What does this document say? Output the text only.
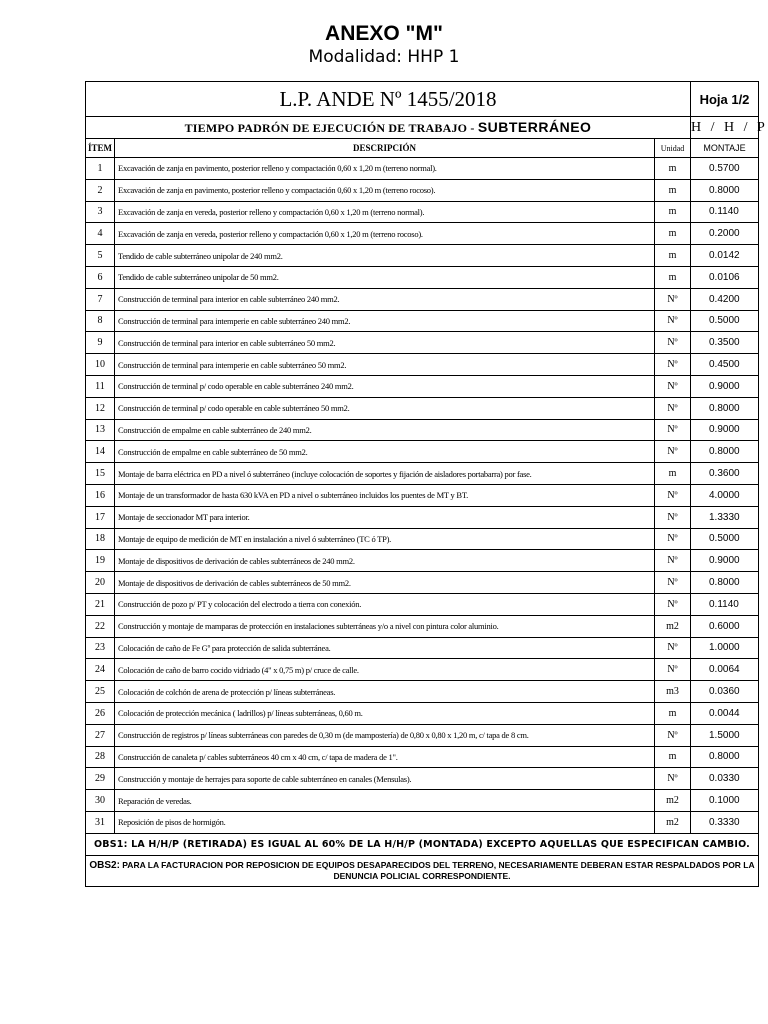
ANEXO "M"
Modalidad: HHP 1
L.P. ANDE Nº 1455/2018			Hoja 1/2
TIEMPO PADRÓN DE EJECUCIÓN DE TRABAJO - SUBTERRÁNEO			H / H / P
ÍTEM	DESCRIPCIÓN	Unidad	MONTAJE
1	Excavación de zanja en pavimento, posterior relleno y compactación 0,60 x 1,20 m (terreno normal).	m	0.5700
2	Excavación de zanja en pavimento, posterior relleno y compactación 0,60 x 1,20 m (terreno rocoso).	m	0.8000
3	Excavación de zanja en vereda, posterior relleno y compactación 0,60 x 1,20 m (terreno normal).	m	0.1140
4	Excavación de zanja en vereda, posterior relleno y compactación 0,60 x 1,20 m (terreno rocoso).	m	0.2000
5	Tendido de cable subterráneo unipolar de 240 mm2.	m	0.0142
6	Tendido de cable subterráneo unipolar de 50 mm2.	m	0.0106
7	Construcción de terminal para interior en cable subterráneo 240 mm2.	Nº	0.4200
8	Construcción de terminal para intemperie en cable subterráneo 240 mm2.	Nº	0.5000
9	Construcción de terminal para interior en cable subterráneo 50 mm2.	Nº	0.3500
10	Construcción de terminal para intemperie en cable subterráneo 50 mm2.	Nº	0.4500
11	Construcción de terminal p/ codo operable en cable subterráneo 240 mm2.	Nº	0.9000
12	Construcción de terminal p/ codo operable en cable subterráneo 50 mm2.	Nº	0.8000
13	Construcción de empalme en cable subterráneo de 240 mm2.	Nº	0.9000
14	Construcción de empalme en cable subterráneo de 50 mm2.	Nº	0.8000
15	Montaje de barra eléctrica en PD a nivel ó subterráneo (incluye colocación de soportes y fijación de aisladores portabarra) por fase.	m	0.3600
16	Montaje de un transformador de hasta 630 kVA en PD a nivel o subterráneo incluidos los puentes de MT y BT.	Nº	4.0000
17	Montaje de seccionador MT para interior.	Nº	1.3330
18	Montaje de equipo de medición de MT en instalación a nivel ó subterráneo (TC ó TP).	Nº	0.5000
19	Montaje de dispositivos de derivación de cables subterráneos de 240 mm2.	Nº	0.9000
20	Montaje de dispositivos de derivación de cables subterráneos de 50 mm2.	Nº	0.8000
21	Construcción de pozo p/ PT y colocación del electrodo a tierra con conexión.	Nº	0.1140
22	Construcción y montaje de mamparas de protección en instalaciones subterráneas y/o a nivel con pintura color aluminio.	m2	0.6000
23	Colocación de caño de Fe Gº para protección de salida subterránea.	Nº	1.0000
24	Colocación de caño de barro cocido vidriado (4" x 0,75 m) p/ cruce de calle.	Nº	0.0064
25	Colocación de colchón de arena de protección p/ líneas subterráneas.	m3	0.0360
26	Colocación de protección mecánica ( ladrillos) p/ líneas subterráneas, 0,60 m.	m	0.0044
27	Construcción de registros p/ líneas subterráneas con paredes de 0,30 m (de mampostería) de 0,80 x 0,80 x 1,20 m, c/ tapa de 8 cm.	Nº	1.5000
28	Construcción de canaleta p/ cables subterráneos 40 cm x 40 cm, c/ tapa de madera de 1".	m	0.8000
29	Construcción y montaje de herrajes para soporte de cable subterráneo en canales (Mensulas).	Nº	0.0330
30	Reparación de veredas.	m2	0.1000
31	Reposición de pisos de hormigón.	m2	0.3330
OBS1: LA H/H/P (RETIRADA) ES IGUAL AL 60% DE LA H/H/P (MONTADA) EXCEPTO AQUELLAS QUE ESPECIFICAN CAMBIO.			
OBS2: PARA LA FACTURACION POR REPOSICION DE EQUIPOS DESAPARECIDOS DEL TERRENO, NECESARIAMENTE DEBERAN ESTAR RESPALDADOS POR LA DENUNCIA POLICIAL CORRESPONDIENTE.			
